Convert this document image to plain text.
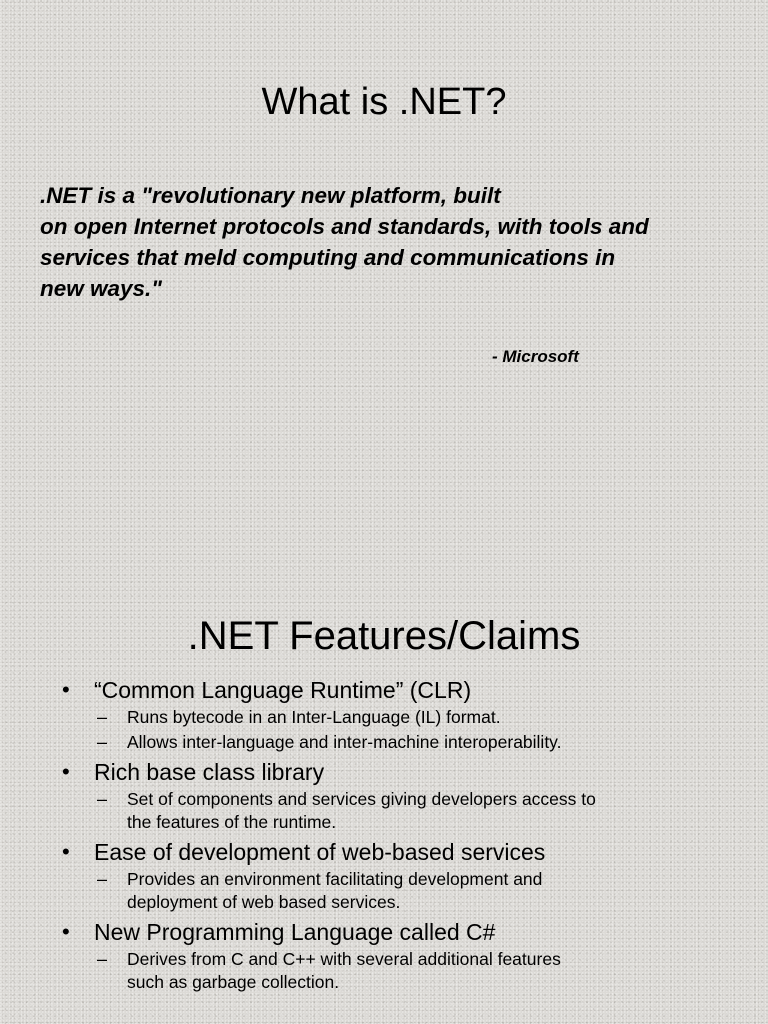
What is .NET?

.NET is a "revolutionary new platform, built
on open Internet protocols and standards, with tools and
services that meld computing and communications in
new ways."

- Microsoft

.NET Features/Claims
• “Common Language Runtime” (CLR)
– Runs bytecode in an Inter-Language (IL) format.
– Allows inter-language and inter-machine interoperability.
• Rich base class library
– Set of components and services giving developers access to
the features of the runtime.
• Ease of development of web-based services
– Provides an environment facilitating development and
deployment of web based services.
• New Programming Language called C#
– Derives from C and C++ with several additional features
such as garbage collection.
